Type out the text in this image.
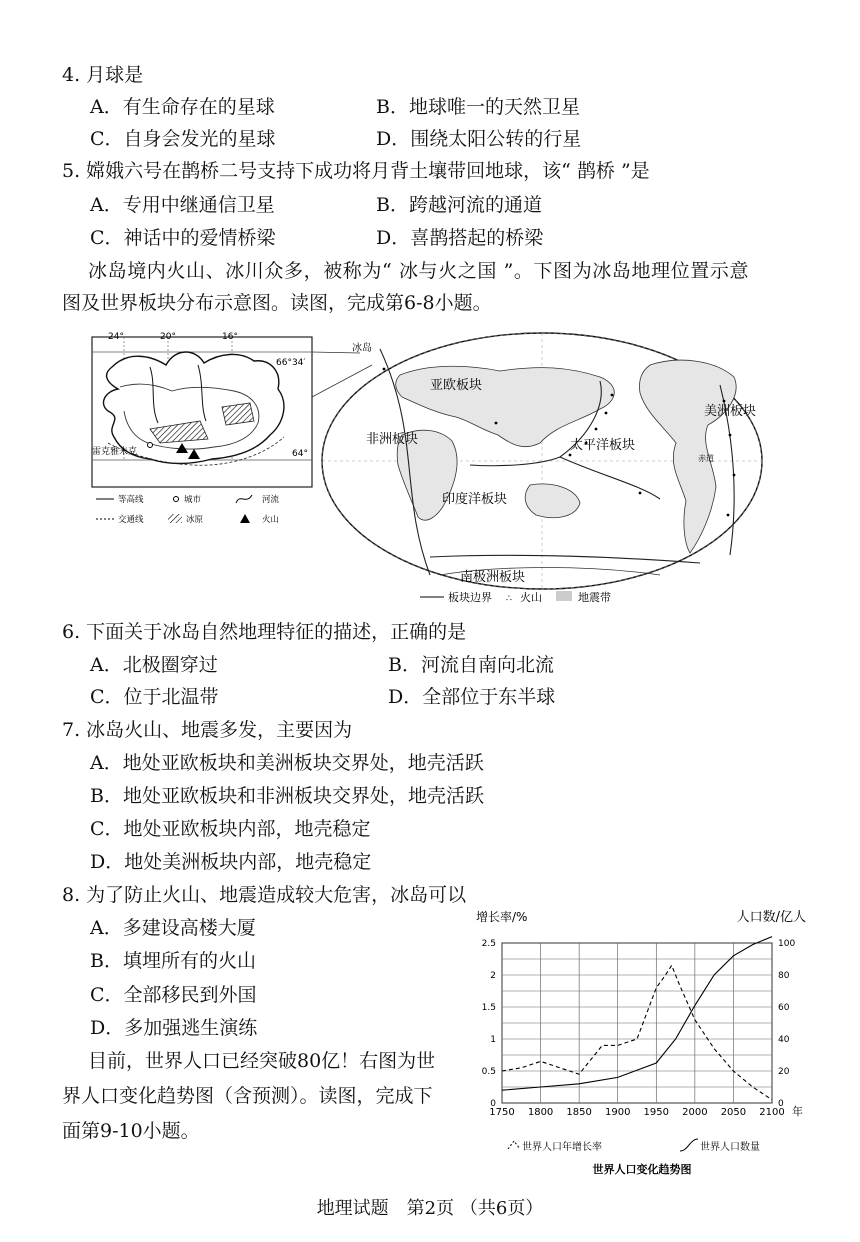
4. 月球是
A．有生命存在的星球	B．地球唯一的天然卫星
C．自身会发光的星球	D．围绕太阳公转的行星
5. 嫦娥六号在鹊桥二号支持下成功将月背土壤带回地球，该“ 鹊桥 ”是
A．专用中继通信卫星	B．跨越河流的通道
C．神话中的爱情桥梁	D．喜鹊搭起的桥梁
冰岛境内火山、冰川众多，被称为“ 冰与火之国 ”。下图为冰岛地理位置示意
图及世界板块分布示意图。读图，完成第6-8小题。
24°	20°	16°
66°34′
64°
雷克雅未克
等高线	城市	河流
交通线	冰原	火山
冰岛
亚欧板块
太平洋板块
非洲板块
印度洋板块
南极洲板块
美洲板块
赤道
板块边界 ∴ 火山	地震带
6. 下面关于冰岛自然地理特征的描述，正确的是
A．北极圈穿过	B．河流自南向北流
C．位于北温带	D．全部位于东半球
7. 冰岛火山、地震多发，主要因为
A．地处亚欧板块和美洲板块交界处，地壳活跃
B．地处亚欧板块和非洲板块交界处，地壳活跃
C．地处亚欧板块内部，地壳稳定
D．地处美洲板块内部，地壳稳定
8. 为了防止火山、地震造成较大危害，冰岛可以
A．多建设高楼大厦
B．填埋所有的火山
C．全部移民到外国
D．多加强逃生演练
目前，世界人口已经突破80亿！右图为世
界人口变化趋势图（含预测）。读图，完成下
面第9-10小题。
1750 1800 1850 1900 1950 2000 2050 2100
0
0.5
1
1.5
2
2.5
0
20
40
60
80
100
增长率/%	人口数/亿人
年
世界人口年增长率	世界人口数量
世界人口变化趋势图
地理试题　第2页 （共6页）
